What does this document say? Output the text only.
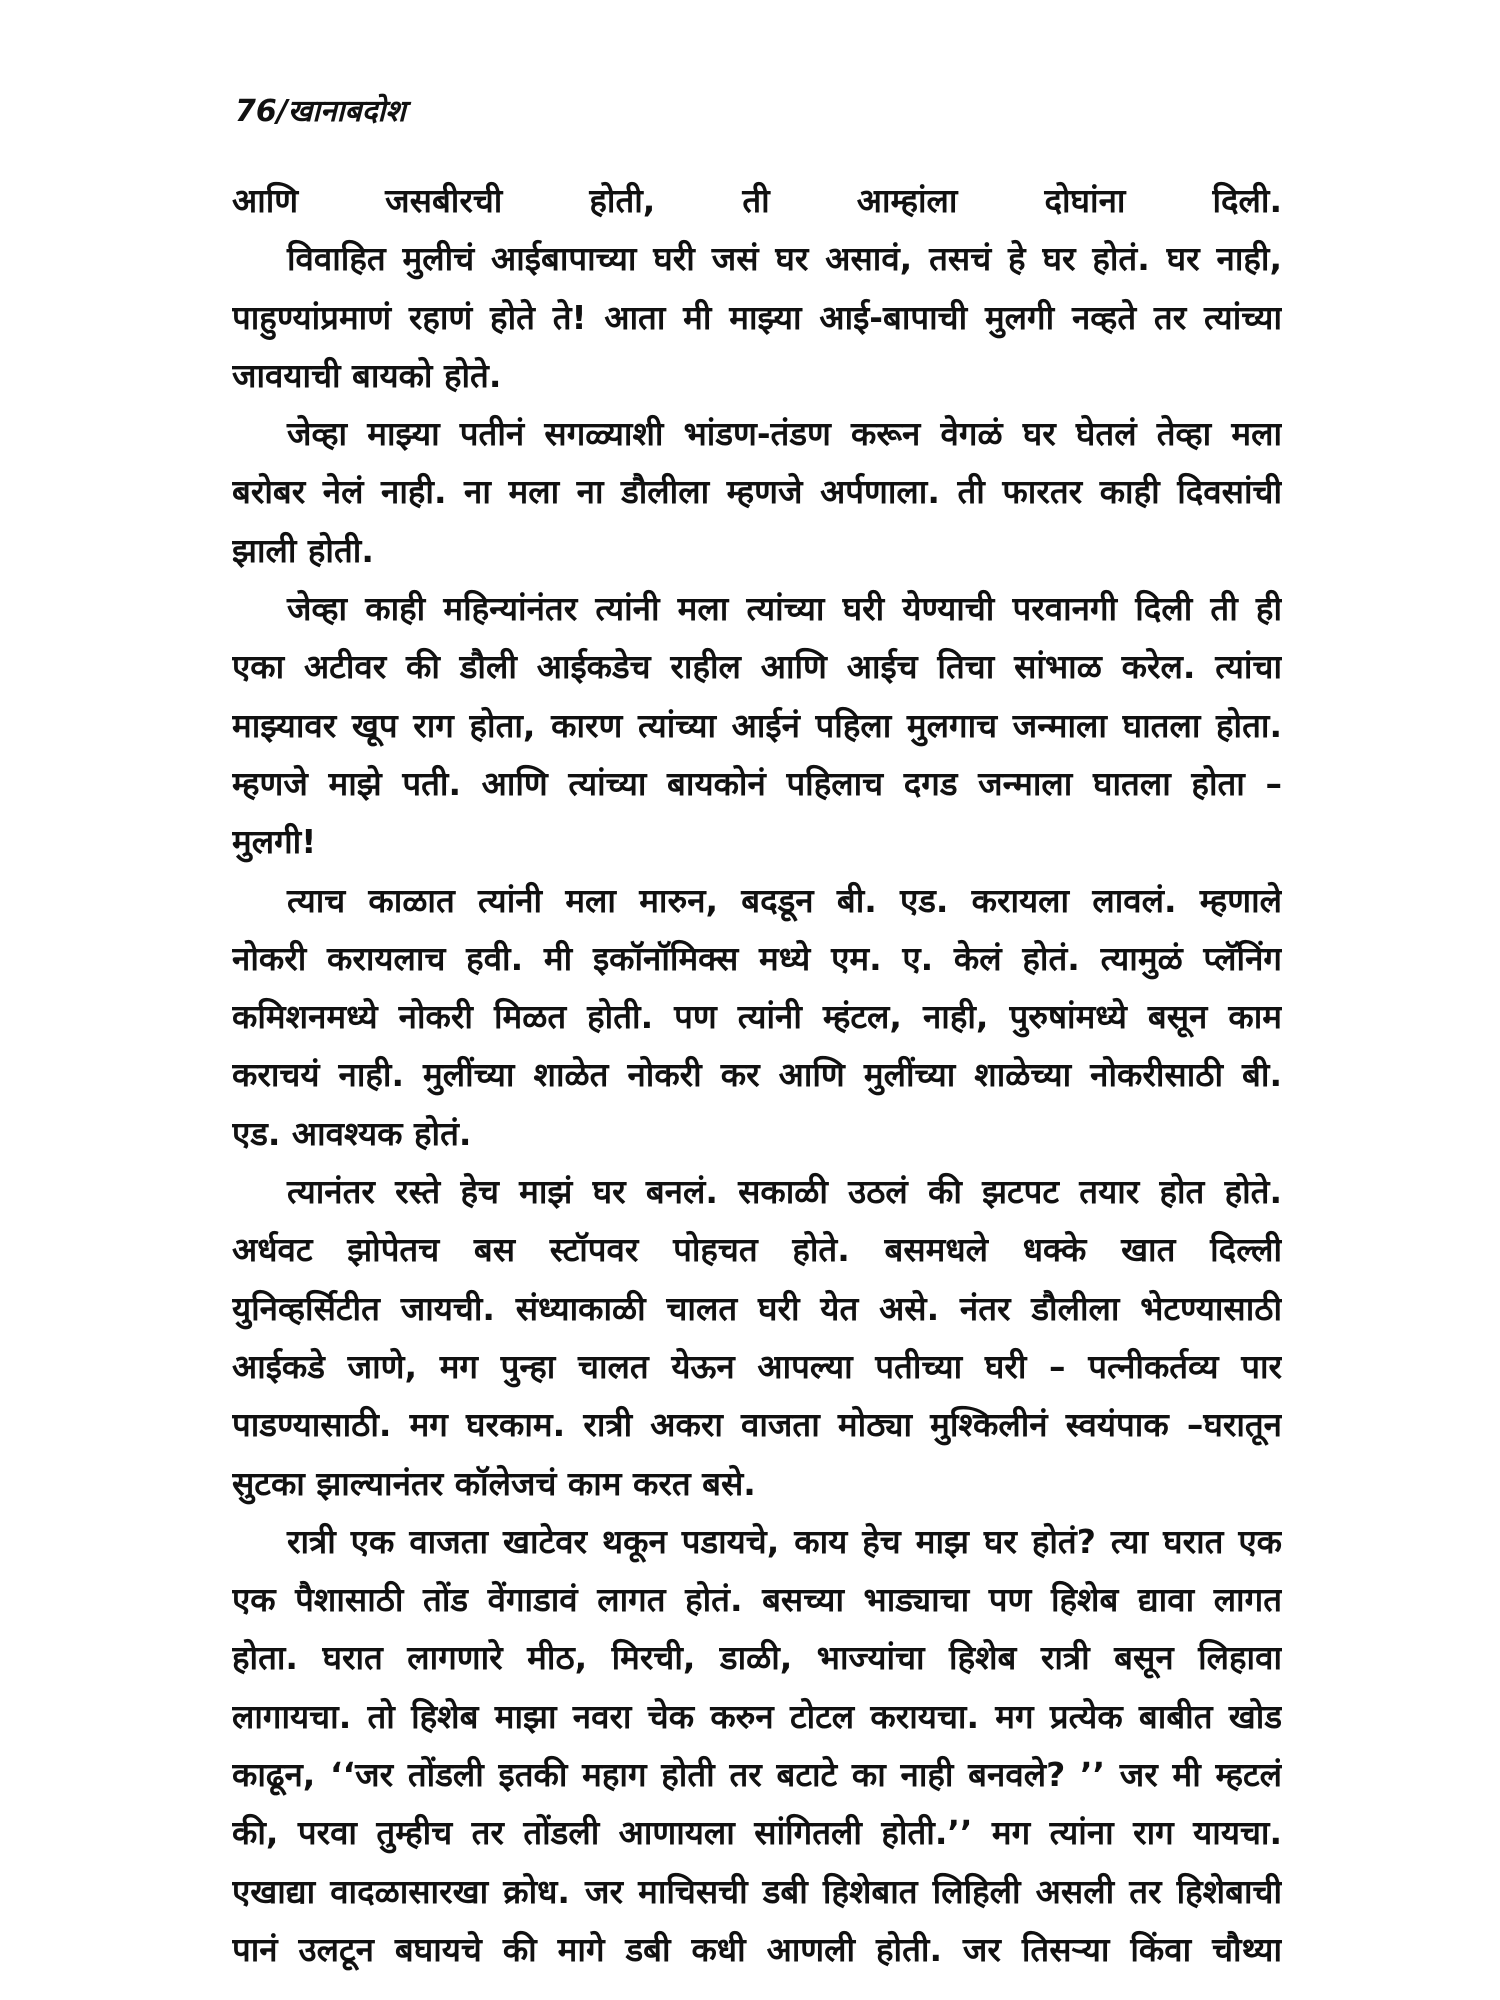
76/खानाबदोश
आणि जसबीरची होती, ती आम्हांला दोघांना दिली.
विवाहित मुलीचं आईबापाच्या घरी जसं घर असावं, तसचं हे घर होतं. घर नाही,
पाहुण्यांप्रमाणं रहाणं होते ते! आता मी माझ्या आई-बापाची मुलगी नव्हते तर त्यांच्या
जावयाची बायको होते.
जेव्हा माझ्या पतीनं सगळ्याशी भांडण-तंडण करून वेगळं घर घेतलं तेव्हा मला
बरोबर नेलं नाही. ना मला ना डौलीला म्हणजे अर्पणाला. ती फारतर काही दिवसांची
झाली होती.
जेव्हा काही महिन्यांनंतर त्यांनी मला त्यांच्या घरी येण्याची परवानगी दिली ती ही
एका अटीवर की डौली आईकडेच राहील आणि आईच तिचा सांभाळ करेल. त्यांचा
माझ्यावर खूप राग होता, कारण त्यांच्या आईनं पहिला मुलगाच जन्माला घातला होता.
म्हणजे माझे पती. आणि त्यांच्या बायकोनं पहिलाच दगड जन्माला घातला होता –
मुलगी!
त्याच काळात त्यांनी मला मारुन, बदडून बी. एड. करायला लावलं. म्हणाले
नोकरी करायलाच हवी. मी इकॉनॉमिक्स मध्ये एम. ए. केलं होतं. त्यामुळं प्लॅनिंग
कमिशनमध्ये नोकरी मिळत होती. पण त्यांनी म्हंटल, नाही, पुरुषांमध्ये बसून काम
कराचयं नाही. मुलींच्या शाळेत नोकरी कर आणि मुलींच्या शाळेच्या नोकरीसाठी बी.
एड. आवश्यक होतं.
त्यानंतर रस्ते हेच माझं घर बनलं. सकाळी उठलं की झटपट तयार होत होते.
अर्धवट झोपेतच बस स्टॉपवर पोहचत होते. बसमधले धक्के खात दिल्ली
युनिव्हर्सिटीत जायची. संध्याकाळी चालत घरी येत असे. नंतर डौलीला भेटण्यासाठी
आईकडे जाणे, मग पुन्हा चालत येऊन आपल्या पतीच्या घरी – पत्नीकर्तव्य पार
पाडण्यासाठी. मग घरकाम. रात्री अकरा वाजता मोठ्या मुश्किलीनं स्वयंपाक –घरातून
सुटका झाल्यानंतर कॉलेजचं काम करत बसे.
रात्री एक वाजता खाटेवर थकून पडायचे, काय हेच माझ घर होतं? त्या घरात एक
एक पैशासाठी तोंड वेंगाडावं लागत होतं. बसच्या भाड्याचा पण हिशेब द्यावा लागत
होता. घरात लागणारे मीठ, मिरची, डाळी, भाज्यांचा हिशेब रात्री बसून लिहावा
लागायचा. तो हिशेब माझा नवरा चेक करुन टोटल करायचा. मग प्रत्येक बाबीत खोड
काढून, ‘‘जर तोंडली इतकी महाग होती तर बटाटे का नाही बनवले? ’’ जर मी म्हटलं
की, परवा तुम्हीच तर तोंडली आणायला सांगितली होती.’’ मग त्यांना राग यायचा.
एखाद्या वादळासारखा क्रोध. जर माचिसची डबी हिशेबात लिहिली असली तर हिशेबाची
पानं उलटून बघायचे की मागे डबी कधी आणली होती. जर तिसऱ्या किंवा चौथ्या
